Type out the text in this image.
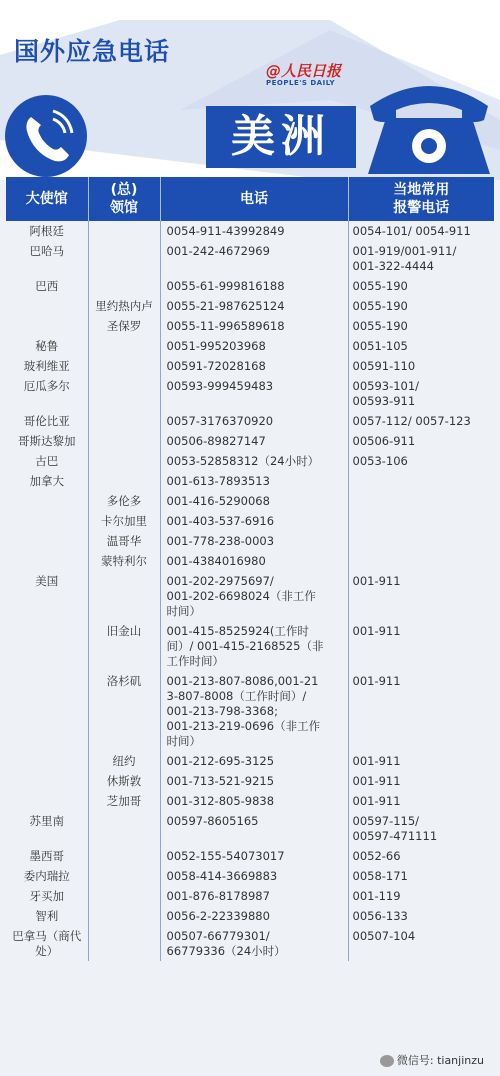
国外应急电话
@人民日报
PEOPLE'S DAILY
美洲
大使馆	(总)
领馆	电话	当地常用
报警电话
阿根廷		0054-911-43992849	0054-101/ 0054-911
巴哈马		001-242-4672969	001-919/001-911/
001-322-4444
巴西		0055-61-999816188	0055-190
	里约热内卢	0055-21-987625124	0055-190
	圣保罗	0055-11-996589618	0055-190
秘鲁		0051-995203968	0051-105
玻利维亚		00591-72028168	00591-110
厄瓜多尔		00593-999459483	00593-101/
00593-911
哥伦比亚		0057-3176370920	0057-112/ 0057-123
哥斯达黎加		00506-89827147	00506-911
古巴		0053-52858312（24小时）	0053-106
加拿大		001-613-7893513	
	多伦多	001-416-5290068	
	卡尔加里	001-403-537-6916	
	温哥华	001-778-238-0003	
	蒙特利尔	001-4384016980	
美国		001-202-2975697/
001-202-6698024（非工作
时间）	001-911
	旧金山	001-415-8525924(工作时
间）/ 001-415-2168525（非
工作时间）	001-911
	洛杉矶	001-213-807-8086,001-21
3-807-8008（工作时间）/
001-213-798-3368;
001-213-219-0696（非工作
时间）	001-911
	纽约	001-212-695-3125	001-911
	休斯敦	001-713-521-9215	001-911
	芝加哥	001-312-805-9838	001-911
苏里南		00597-8605165	00597-115/
00597-471111
墨西哥		0052-155-54073017	0052-66
委内瑞拉		0058-414-3669883	0058-171
牙买加		001-876-8178987	001-119
智利		0056-2-22339880	0056-133
巴拿马（商代
处）		00507-66779301/
66779336（24小时）	00507-104
微信号: tianjinzu
